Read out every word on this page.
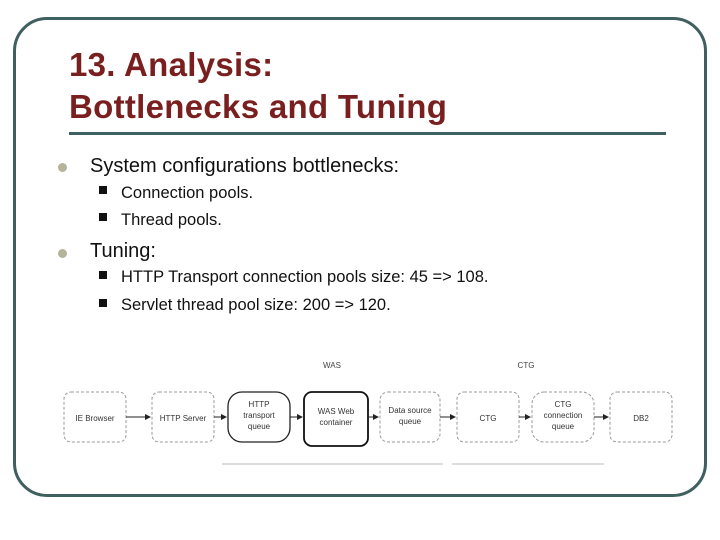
13. Analysis:
Bottlenecks and Tuning
System configurations bottlenecks:
Connection pools.
Thread pools.
Tuning:
HTTP Transport connection pools size: 45 => 108.
Servlet thread pool size: 200 => 120.
WAS	CTG
IE Browser	HTTP Server
HTTP
transport
queue
WAS Web
container
Data source
queue	CTG
CTG
connection
queue
DB2
